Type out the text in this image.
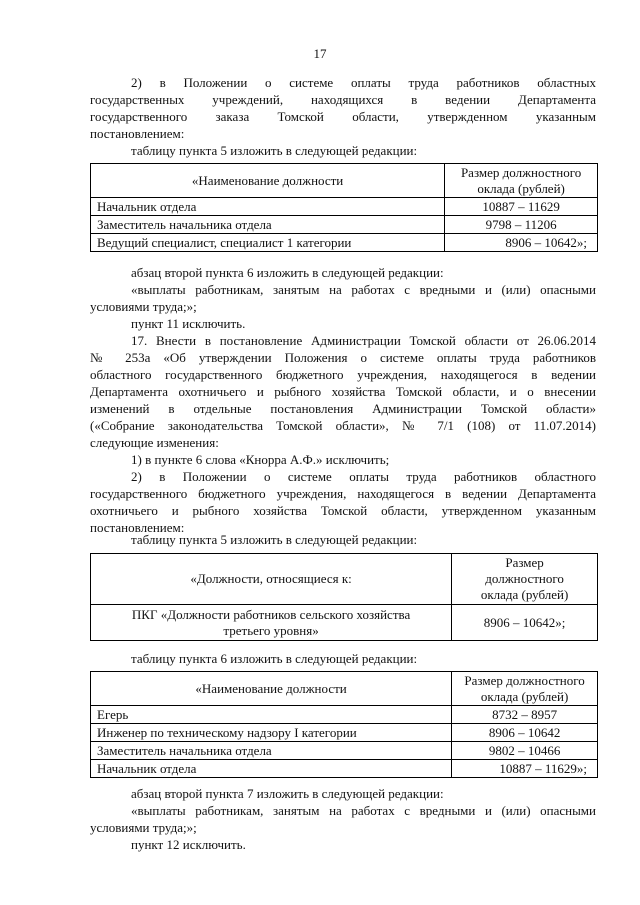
17

2) в Положении о системе оплаты труда работников областных

государственных учреждений, находящихся в ведении Департамента

государственного заказа Томской области, утвержденном указанным

постановлением:

таблицу пункта 5 изложить в следующей редакции:

«Наименование должности	Размер должностного
оклада (рублей)

Начальник отдела	10887 – 11629
Заместитель начальника отдела	9798 – 11206
Ведущий специалист, специалист 1 категории	8906 – 10642»;

абзац второй пункта 6 изложить в следующей редакции:

«выплаты работникам, занятым на работах с вредными и (или) опасными

условиями труда;»;

пункт 11 исключить.

17. Внести в постановление Администрации Томской области от 26.06.2014

№ 253а «Об утверждении Положения о системе оплаты труда работников

областного государственного бюджетного учреждения, находящегося в ведении

Департамента охотничьего и рыбного хозяйства Томской области, и о внесении

изменений в отдельные постановления Администрации Томской области»

(«Собрание законодательства Томской области», № 7/1 (108) от 11.07.2014)

следующие изменения:

1) в пункте 6 слова «Кнорра А.Ф.» исключить;

2) в Положении о системе оплаты труда работников областного

государственного бюджетного учреждения, находящегося в ведении Департамента

охотничьего и рыбного хозяйства Томской области, утвержденном указанным

постановлением:

таблицу пункта 5 изложить в следующей редакции:

«Должности, относящиеся к:	Размер
должностного
оклада (рублей)

ПКГ «Должности работников сельского хозяйства
третьего уровня»	8906 – 10642»;

таблицу пункта 6 изложить в следующей редакции:

«Наименование должности	Размер должностного
оклада (рублей)

Егерь	8732 – 8957
Инженер по техническому надзору I категории	8906 – 10642
Заместитель начальника отдела	9802 – 10466
Начальник отдела	10887 – 11629»;

абзац второй пункта 7 изложить в следующей редакции:

«выплаты работникам, занятым на работах с вредными и (или) опасными

условиями труда;»;

пункт 12 исключить.
